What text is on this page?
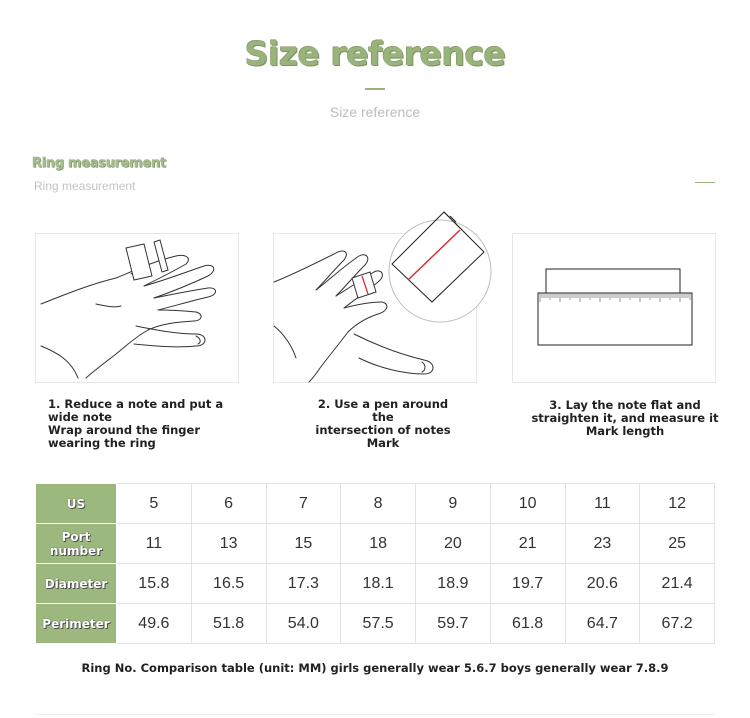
Size reference
Size reference
Ring measurement
Ring measurement
1. Reduce a note and put a
wide note
Wrap around the finger
wearing the ring
2. Use a pen around the
intersection of notes
Mark
3. Lay the note flat and
straighten it, and measure it
Mark length
US	5	6	7	8	9	10	11	12
Port number	11	13	15	18	20	21	23	25
Diameter	15.8	16.5	17.3	18.1	18.9	19.7	20.6	21.4
Perimeter	49.6	51.8	54.0	57.5	59.7	61.8	64.7	67.2
Ring No. Comparison table (unit: MM) girls generally wear 5.6.7 boys generally wear 7.8.9
